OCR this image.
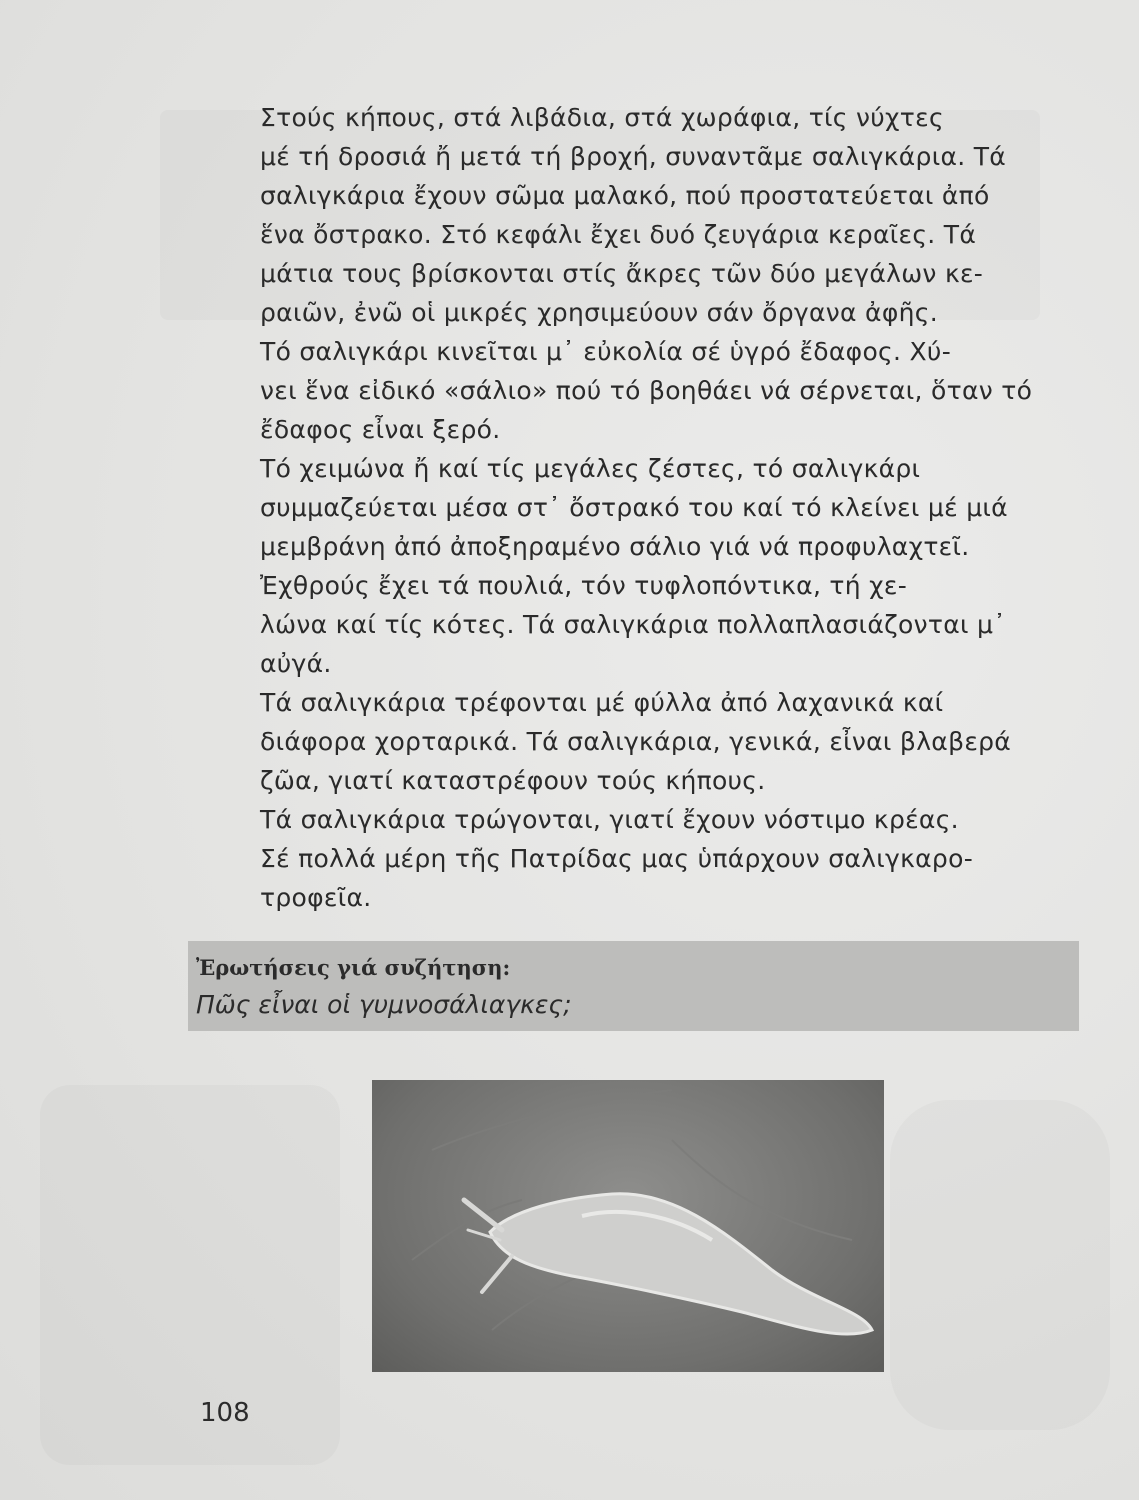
Στούς κήπους, στά λιβάδια, στά χωράφια, τίς νύχτες
μέ τή δροσιά ἤ μετά τή βροχή, συναντᾶμε σαλιγκάρια. Τά
σαλιγκάρια ἔχουν σῶμα μαλακό, πού προστατεύεται ἀπό
ἕνα ὄστρακο. Στό κεφάλι ἔχει δυό ζευγάρια κεραῖες. Τά
μάτια τους βρίσκονται στίς ἄκρες τῶν δύο μεγάλων κε-
ραιῶν, ἐνῶ οἱ μικρές χρησιμεύουν σάν ὄργανα ἀφῆς.

Τό σαλιγκάρι κινεῖται μ᾽ εὐκολία σέ ὑγρό ἔδαφος. Χύ-
νει ἕνα εἰδικό «σάλιο» πού τό βοηθάει νά σέρνεται, ὅταν τό
ἔδαφος εἶναι ξερό.

Τό χειμώνα ἤ καί τίς μεγάλες ζέστες, τό σαλιγκάρι
συμμαζεύεται μέσα στ᾽ ὄστρακό του καί τό κλείνει μέ μιά
μεμβράνη ἀπό ἀποξηραμένο σάλιο γιά νά προφυλαχτεῖ.

Ἐχθρούς ἔχει τά πουλιά, τόν τυφλοπόντικα, τή χε-
λώνα καί τίς κότες. Τά σαλιγκάρια πολλαπλασιάζονται μ᾽
αὐγά.

Τά σαλιγκάρια τρέφονται μέ φύλλα ἀπό λαχανικά καί
διάφορα χορταρικά. Τά σαλιγκάρια, γενικά, εἶναι βλαβερά
ζῶα, γιατί καταστρέφουν τούς κήπους.

Τά σαλιγκάρια τρώγονται, γιατί ἔχουν νόστιμο κρέας.
Σέ πολλά μέρη τῆς Πατρίδας μας ὑπάρχουν σαλιγκαρο-
τροφεῖα.

Ἐρωτήσεις γιά συζήτηση:
Πῶς εἶναι οἱ γυμνοσάλιαγκες;
108
